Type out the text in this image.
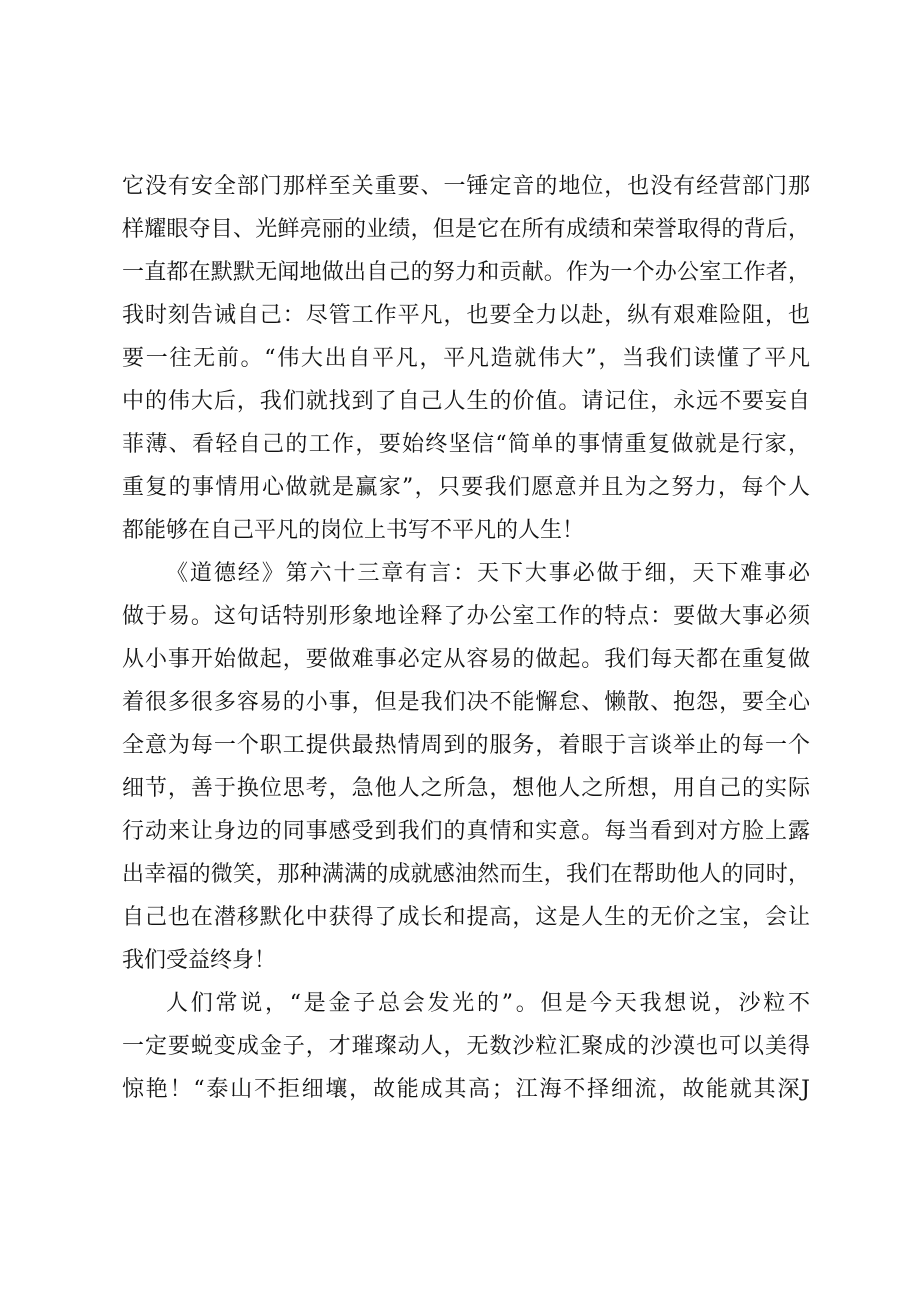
它没有安全部门那样至关重要、一锤定音的地位，也没有经营部门那
样耀眼夺目、光鲜亮丽的业绩，但是它在所有成绩和荣誉取得的背后，
一直都在默默无闻地做出自己的努力和贡献。作为一个办公室工作者，
我时刻告诫自己：尽管工作平凡，也要全力以赴，纵有艰难险阻，也
要一往无前。“伟大出自平凡，平凡造就伟大”，当我们读懂了平凡
中的伟大后，我们就找到了自己人生的价值。请记住，永远不要妄自
菲薄、看轻自己的工作，要始终坚信“简单的事情重复做就是行家，
重复的事情用心做就是赢家”，只要我们愿意并且为之努力，每个人
都能够在自己平凡的岗位上书写不平凡的人生！
《道德经》第六十三章有言：天下大事必做于细，天下难事必
做于易。这句话特别形象地诠释了办公室工作的特点：要做大事必须
从小事开始做起，要做难事必定从容易的做起。我们每天都在重复做
着很多很多容易的小事，但是我们决不能懈怠、懒散、抱怨，要全心
全意为每一个职工提供最热情周到的服务，着眼于言谈举止的每一个
细节，善于换位思考，急他人之所急，想他人之所想，用自己的实际
行动来让身边的同事感受到我们的真情和实意。每当看到对方脸上露
出幸福的微笑，那种满满的成就感油然而生，我们在帮助他人的同时，
自己也在潜移默化中获得了成长和提高，这是人生的无价之宝，会让
我们受益终身！
人们常说，“是金子总会发光的”。但是今天我想说，沙粒不
一定要蜕变成金子，才璀璨动人，无数沙粒汇聚成的沙漠也可以美得
惊艳！“泰山不拒细壤，故能成其高；江海不择细流，故能就其深J
